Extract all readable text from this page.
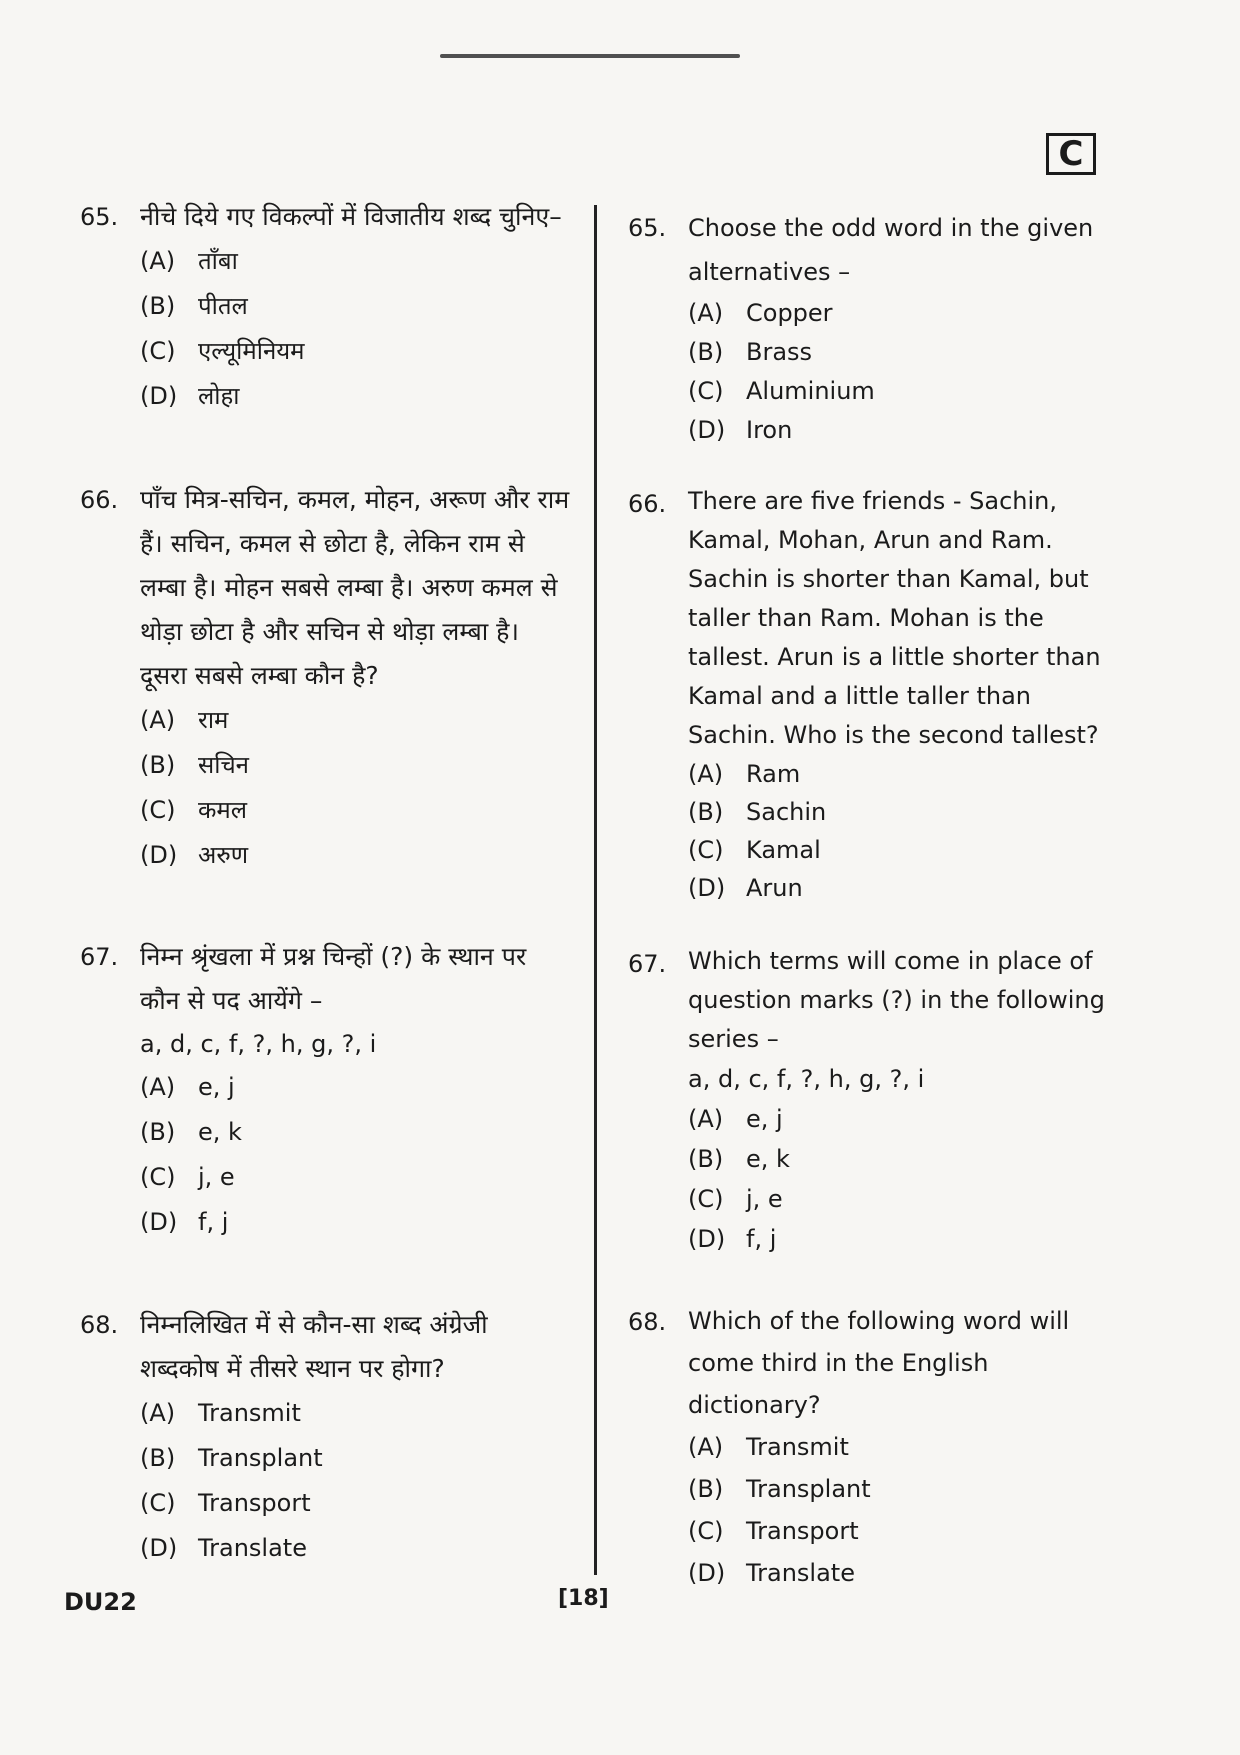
C
65. नीचे दिये गए विकल्पों में विजातीय शब्द चुनिए–
(A) ताँबा
(B) पीतल
(C) एल्यूमिनियम
(D) लोहा
66. पाँच मित्र-सचिन, कमल, मोहन, अरूण और राम हैं। सचिन, कमल से छोटा है, लेकिन राम से लम्बा है। मोहन सबसे लम्बा है। अरुण कमल से थोड़ा छोटा है और सचिन से थोड़ा लम्बा है। दूसरा सबसे लम्बा कौन है?
(A) राम
(B) सचिन
(C) कमल
(D) अरुण
67. निम्न श्रृंखला में प्रश्न चिन्हों (?) के स्थान पर कौन से पद आयेंगे –
a, d, c, f, ?, h, g, ?, i
(A) e, j
(B) e, k
(C) j, e
(D) f, j
68. निम्नलिखित में से कौन-सा शब्द अंग्रेजी शब्दकोष में तीसरे स्थान पर होगा?
(A) Transmit
(B) Transplant
(C) Transport
(D) Translate
65. Choose the odd word in the given alternatives –
(A) Copper
(B) Brass
(C) Aluminium
(D) Iron
66. There are five friends - Sachin, Kamal, Mohan, Arun and Ram. Sachin is shorter than Kamal, but taller than Ram. Mohan is the tallest. Arun is a little shorter than Kamal and a little taller than Sachin. Who is the second tallest?
(A) Ram
(B) Sachin
(C) Kamal
(D) Arun
67. Which terms will come in place of question marks (?) in the following series –
a, d, c, f, ?, h, g, ?, i
(A) e, j
(B) e, k
(C) j, e
(D) f, j
68. Which of the following word will come third in the English dictionary?
(A) Transmit
(B) Transplant
(C) Transport
(D) Translate
DU22	[18]
